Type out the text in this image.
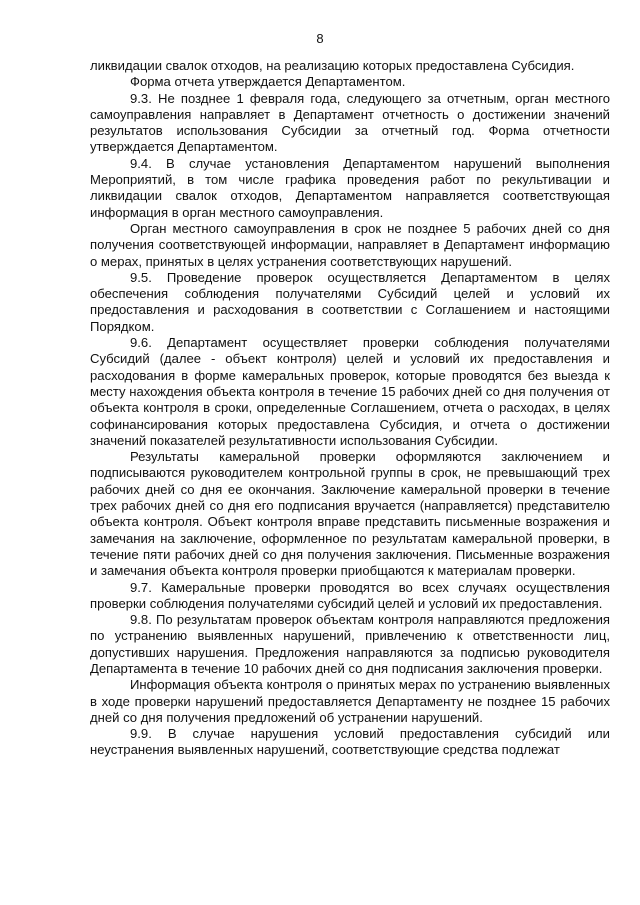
8

ликвидации свалок отходов, на реализацию которых предоставлена Субсидия.

Форма отчета утверждается Департаментом.

9.3. Не позднее 1 февраля года, следующего за отчетным, орган местного самоуправления направляет в Департамент отчетность о достижении значений результатов использования Субсидии за отчетный год. Форма отчетности утверждается Департаментом.

9.4. В случае установления Департаментом нарушений выполнения Мероприятий, в том числе графика проведения работ по рекультивации и ликвидации свалок отходов, Департаментом направляется соответствующая информация в орган местного самоуправления.

Орган местного самоуправления в срок не позднее 5 рабочих дней со дня получения соответствующей информации, направляет в Департамент информацию о мерах, принятых в целях устранения соответствующих нарушений.

9.5. Проведение проверок осуществляется Департаментом в целях обеспечения соблюдения получателями Субсидий целей и условий их предоставления и расходования в соответствии с Соглашением и настоящими Порядком.

9.6. Департамент осуществляет проверки соблюдения получателями Субсидий (далее - объект контроля) целей и условий их предоставления и расходования в форме камеральных проверок, которые проводятся без выезда к месту нахождения объекта контроля в течение 15 рабочих дней со дня получения от объекта контроля в сроки, определенные Соглашением, отчета о расходах, в целях софинансирования которых предоставлена Субсидия, и отчета о достижении значений показателей результативности использования Субсидии.

Результаты камеральной проверки оформляются заключением и подписываются руководителем контрольной группы в срок, не превышающий трех рабочих дней со дня ее окончания. Заключение камеральной проверки в течение трех рабочих дней со дня его подписания вручается (направляется) представителю объекта контроля. Объект контроля вправе представить письменные возражения и замечания на заключение, оформленное по результатам камеральной проверки, в течение пяти рабочих дней со дня получения заключения. Письменные возражения и замечания объекта контроля проверки приобщаются к материалам проверки.

9.7. Камеральные проверки проводятся во всех случаях осуществления проверки соблюдения получателями субсидий целей и условий их предоставления.

9.8. По результатам проверок объектам контроля направляются предложения по устранению выявленных нарушений, привлечению к ответственности лиц, допустивших нарушения. Предложения направляются за подписью руководителя Департамента в течение 10 рабочих дней со дня подписания заключения проверки.

Информация объекта контроля о принятых мерах по устранению выявленных в ходе проверки нарушений предоставляется Департаменту не позднее 15 рабочих дней со дня получения предложений об устранении нарушений.

9.9. В случае нарушения условий предоставления субсидий или неустранения выявленных нарушений, соответствующие средства подлежат
